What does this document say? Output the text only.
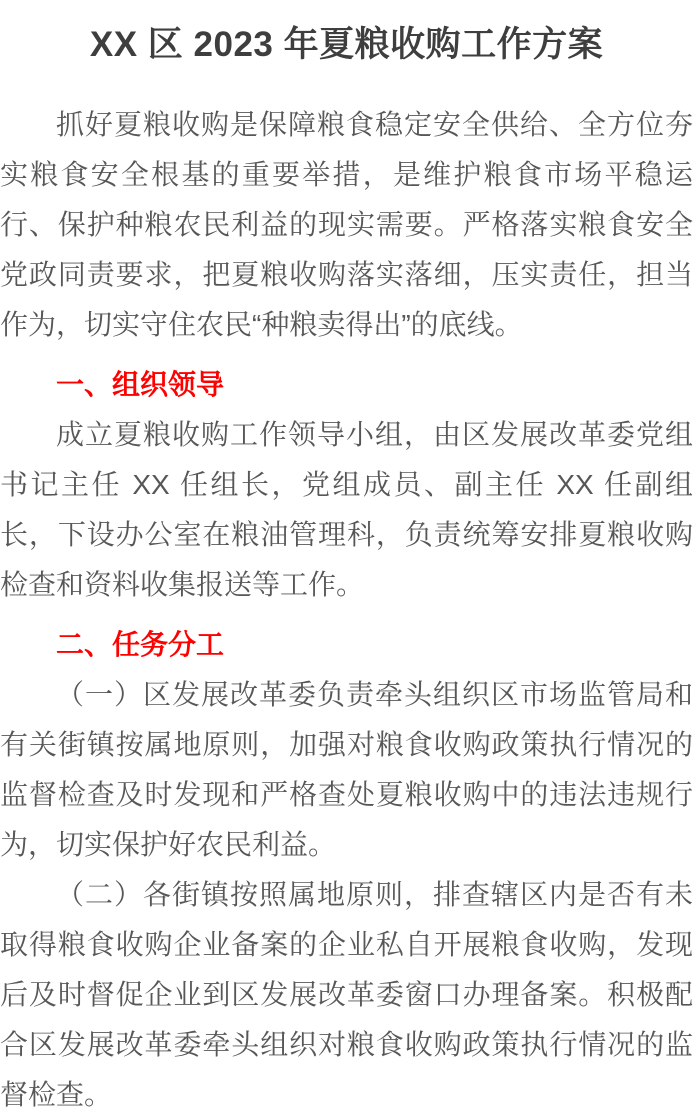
XX 区 2023 年夏粮收购工作方案

抓好夏粮收购是保障粮食稳定安全供给、全方位夯实粮食安全根基的重要举措，是维护粮食市场平稳运行、保护种粮农民利益的现实需要。严格落实粮食安全党政同责要求，把夏粮收购落实落细，压实责任，担当作为，切实守住农民“种粮卖得出”的底线。

一、组织领导

成立夏粮收购工作领导小组，由区发展改革委党组书记主任 XX 任组长，党组成员、副主任 XX 任副组长，下设办公室在粮油管理科，负责统筹安排夏粮收购检查和资料收集报送等工作。

二、任务分工

（一）区发展改革委负责牵头组织区市场监管局和有关街镇按属地原则，加强对粮食收购政策执行情况的监督检查及时发现和严格查处夏粮收购中的违法违规行为，切实保护好农民利益。

（二）各街镇按照属地原则，排查辖区内是否有未取得粮食收购企业备案的企业私自开展粮食收购，发现后及时督促企业到区发展改革委窗口办理备案。积极配合区发展改革委牵头组织对粮食收购政策执行情况的监督检查。
